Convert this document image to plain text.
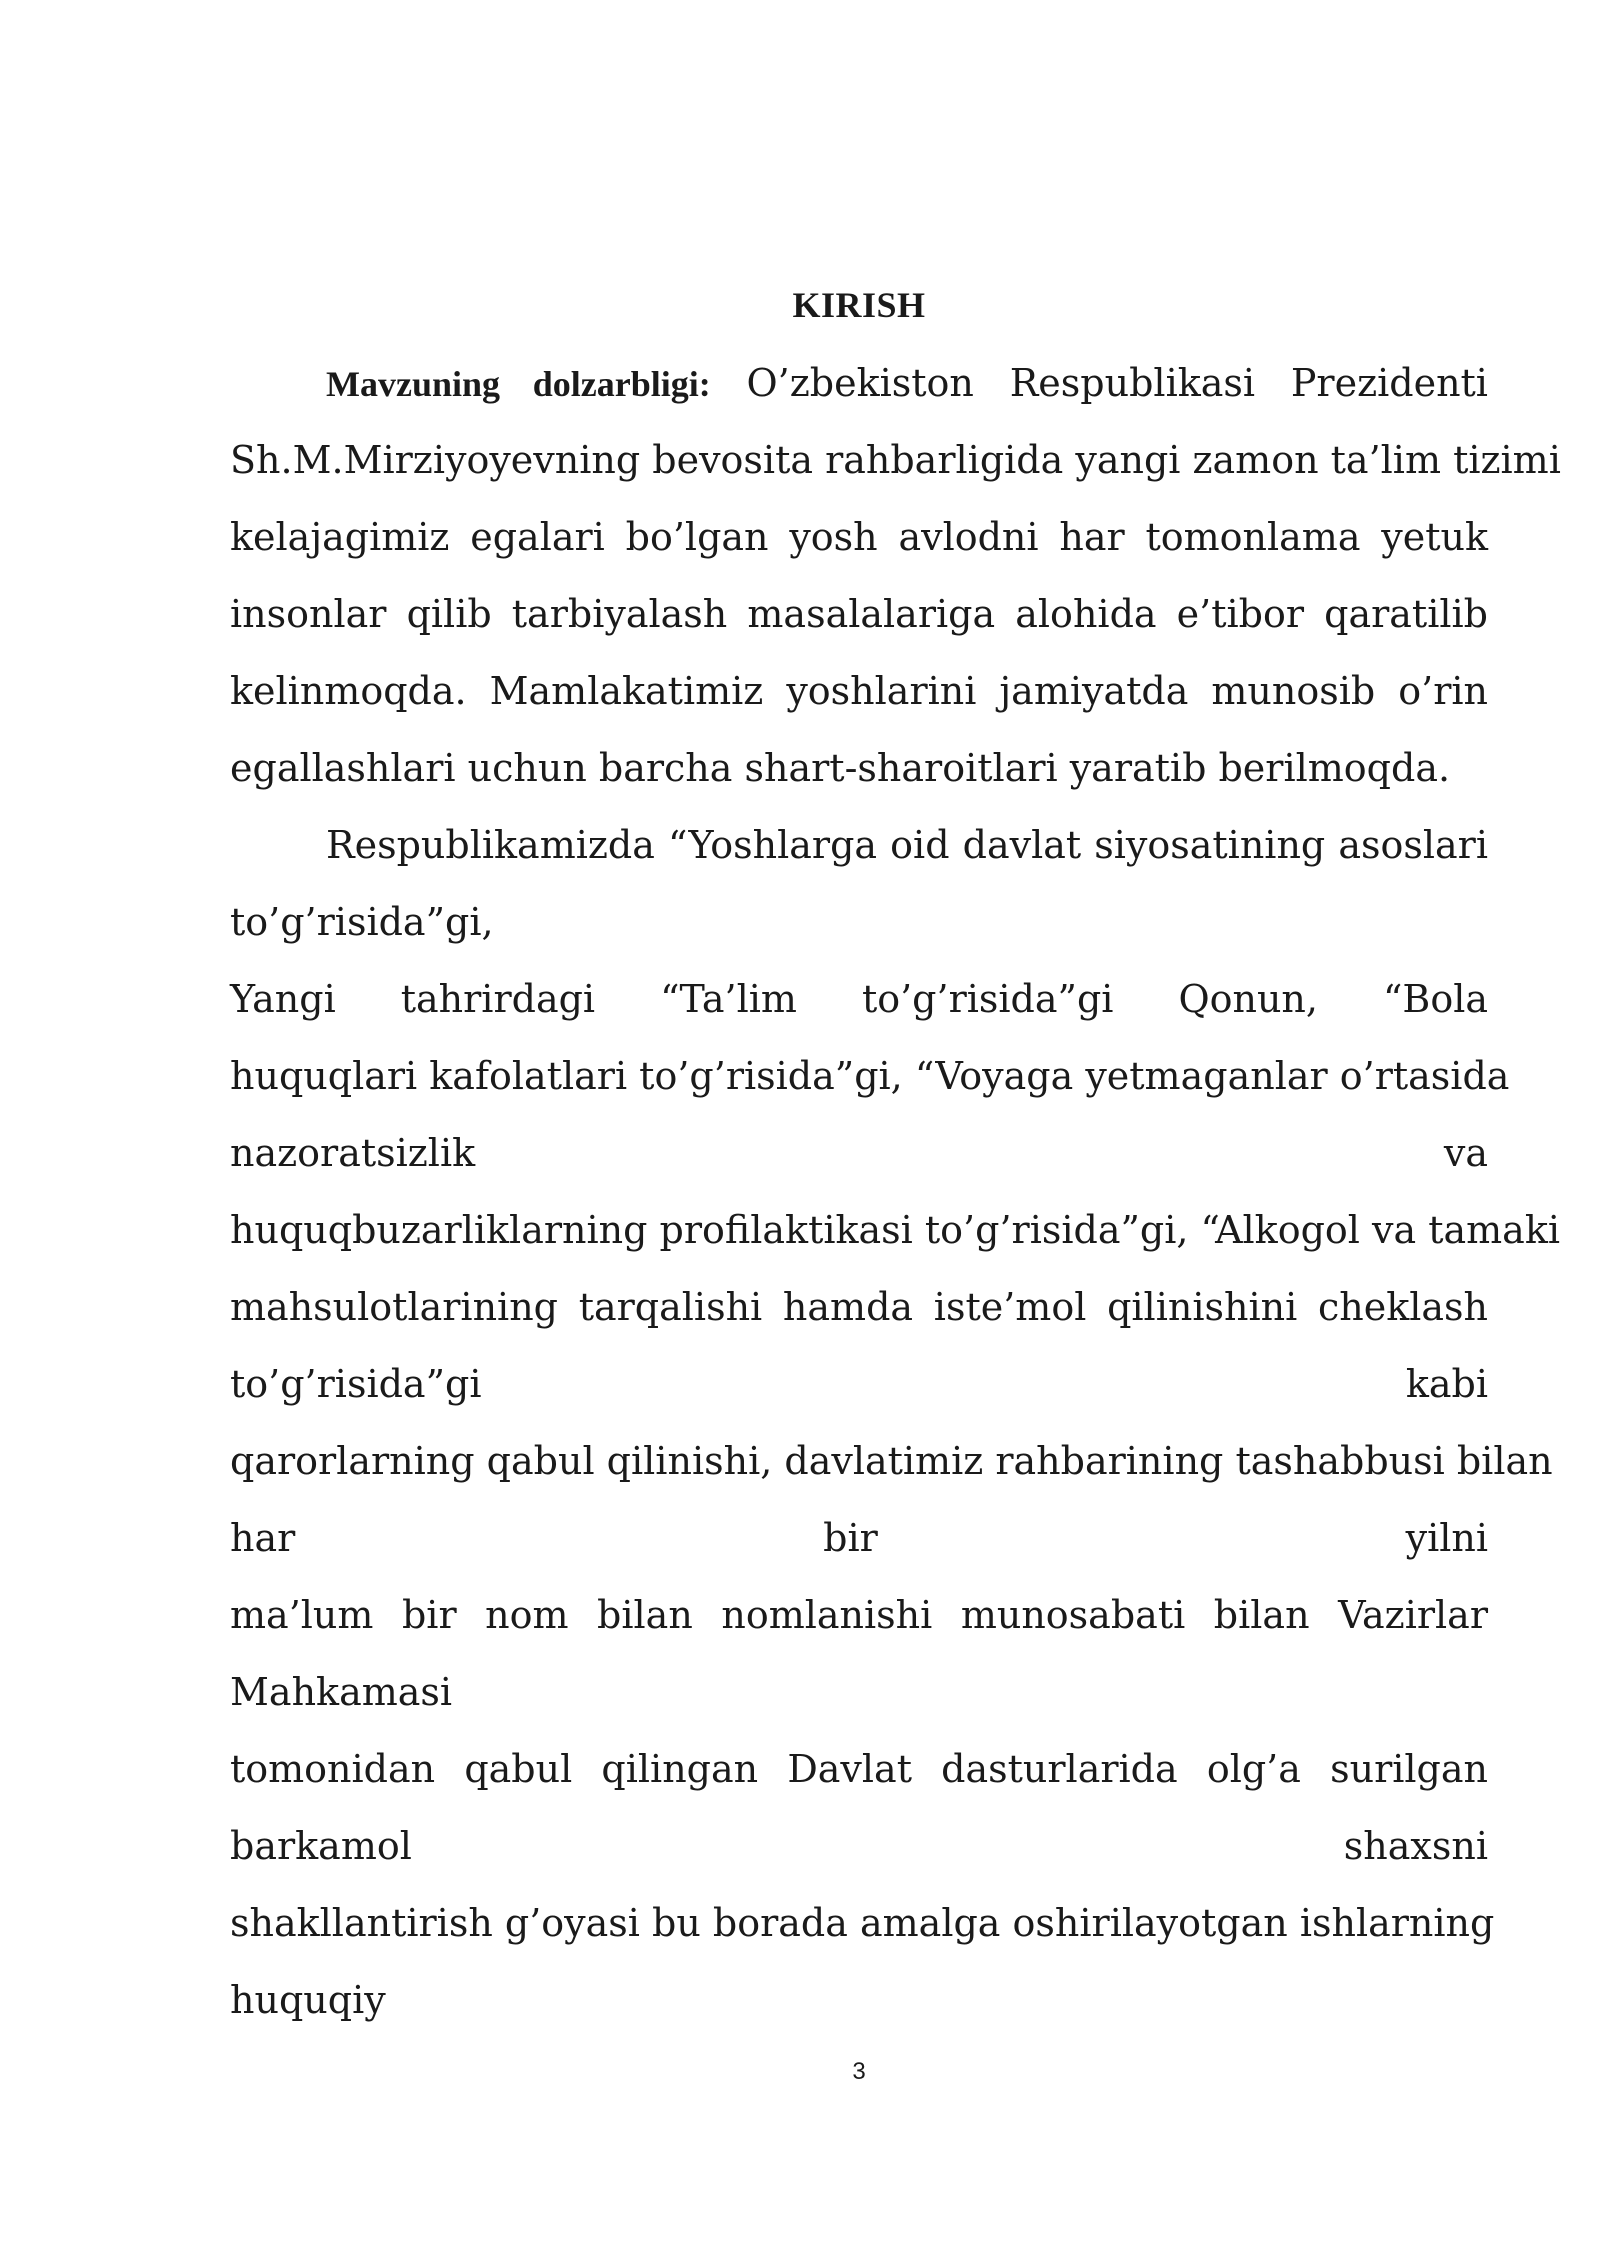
KIRISH
Mavzuning dolzarbligi: O’zbekiston Respublikasi Prezidenti
Sh.M.Mirziyoyevning bevosita rahbarligida yangi zamon ta’lim tizimi
kelajagimiz egalari bo’lgan yosh avlodni har tomonlama yetuk
insonlar qilib tarbiyalash masalalariga alohida e’tibor qaratilib
kelinmoqda. Mamlakatimiz yoshlarini jamiyatda munosib o’rin
egallashlari uchun barcha shart-sharoitlari yaratib berilmoqda.
Respublikamizda “Yoshlarga oid davlat siyosatining asoslari
to’g’risida”gi,
Yangi tahrirdagi “Ta’lim to’g’risida”gi Qonun, “Bola
huquqlari kafolatlari to’g’risida”gi, “Voyaga yetmaganlar o’rtasida
nazoratsizlik va
huquqbuzarliklarning profilaktikasi to’g’risida”gi, “Alkogol va tamaki
mahsulotlarining tarqalishi hamda iste’mol qilinishini cheklash
to’g’risida”gi kabi
qarorlarning qabul qilinishi, davlatimiz rahbarining tashabbusi bilan
har bir yilni
ma’lum bir nom bilan nomlanishi munosabati bilan Vazirlar
Mahkamasi
tomonidan qabul qilingan Davlat dasturlarida olg’a surilgan
barkamol shaxsni
shakllantirish g’oyasi bu borada amalga oshirilayotgan ishlarning
huquqiy
3
